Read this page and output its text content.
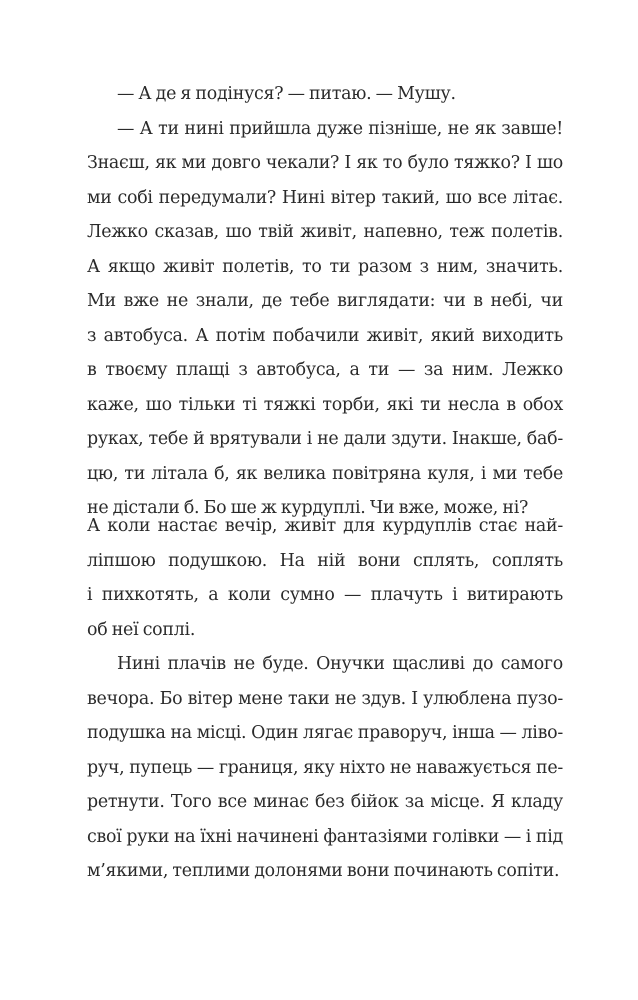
— А де я подінуся? — питаю. — Мушу.
— А ти нині прийшла дуже пізніше, не як завше!
Знаєш, як ми довго чекали? І як то було тяжко? І шо
ми собі передумали? Нині вітер такий, шо все літає.
Лежко сказав, шо твій живіт, напевно, теж полетів.
А якщо живіт полетів, то ти разом з ним, значить.
Ми вже не знали, де тебе виглядати: чи в небі, чи
з автобуса. А потім побачили живіт, який виходить
в твоєму плащі з автобуса, а ти — за ним. Лежко
каже, шо тільки ті тяжкі торби, які ти несла в обох
руках, тебе й врятували і не дали здути. Інакше, баб-
цю, ти літала б, як велика повітряна куля, і ми тебе
не дістали б. Бо ше ж курдуплі. Чи вже, може, ні?
А коли настає вечір, живіт для курдуплів стає най-
ліпшою подушкою. На ній вони сплять, соплять
і пихкотять, а коли сумно — плачуть і витирають
об неї соплі.
Нині плачів не буде. Онучки щасливі до самого
вечора. Бо вітер мене таки не здув. І улюблена пузо-
подушка на місці. Один лягає праворуч, інша — ліво-
руч, пупець — границя, яку ніхто не наважується пе-
ретнути. Того все минає без бійок за місце. Я кладу
свої руки на їхні начинені фантазіями голівки — і під
м’якими, теплими долонями вони починають сопіти.
